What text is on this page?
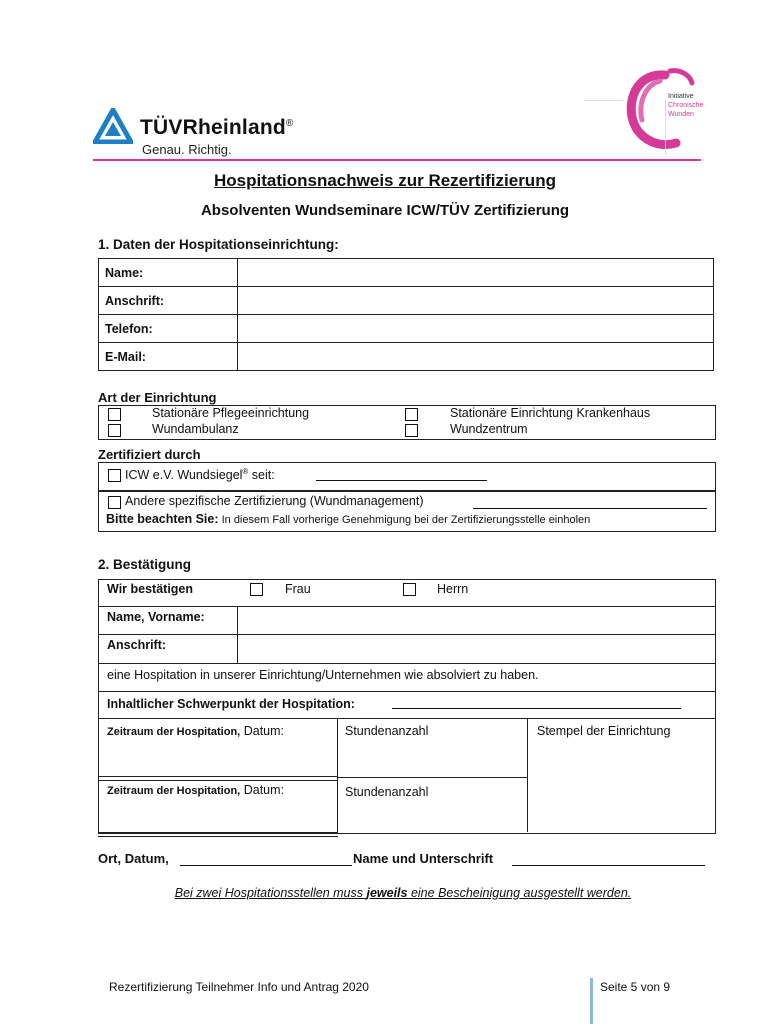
TÜVRheinland®
Genau. Richtig.
Initiative
Chronische
Wunden
Hospitationsnachweis zur Rezertifizierung
Absolventen Wundseminare ICW/TÜV Zertifizierung
1. Daten der Hospitationseinrichtung:
Name:	
Anschrift:	
Telefon:	
E-Mail:	
Art der Einrichtung
Stationäre Pflegeeinrichtung
Wundambulanz
Stationäre Einrichtung Krankenhaus
Wundzentrum
Zertifiziert durch
ICW e.V. Wundsiegel® seit:
Andere spezifische Zertifizierung (Wundmanagement)
Bitte beachten Sie: In diesem Fall vorherige Genehmigung bei der Zertifizierungsstelle einholen
2. Bestätigung
Wir bestätigen	Frau	Herrn
Name, Vorname:
Anschrift:
eine Hospitation in unserer Einrichtung/Unternehmen wie absolviert zu haben.
Inhaltlicher Schwerpunkt der Hospitation:
Zeitraum der Hospitation, Datum:	Stundenanzahl	Stempel der Einrichtung
Zeitraum der Hospitation, Datum:	Stundenanzahl
Ort, Datum,	Name und Unterschrift
Bei zwei Hospitationsstellen muss jeweils eine Bescheinigung ausgestellt werden.
Rezertifizierung Teilnehmer Info und Antrag 2020	Seite 5 von 9
